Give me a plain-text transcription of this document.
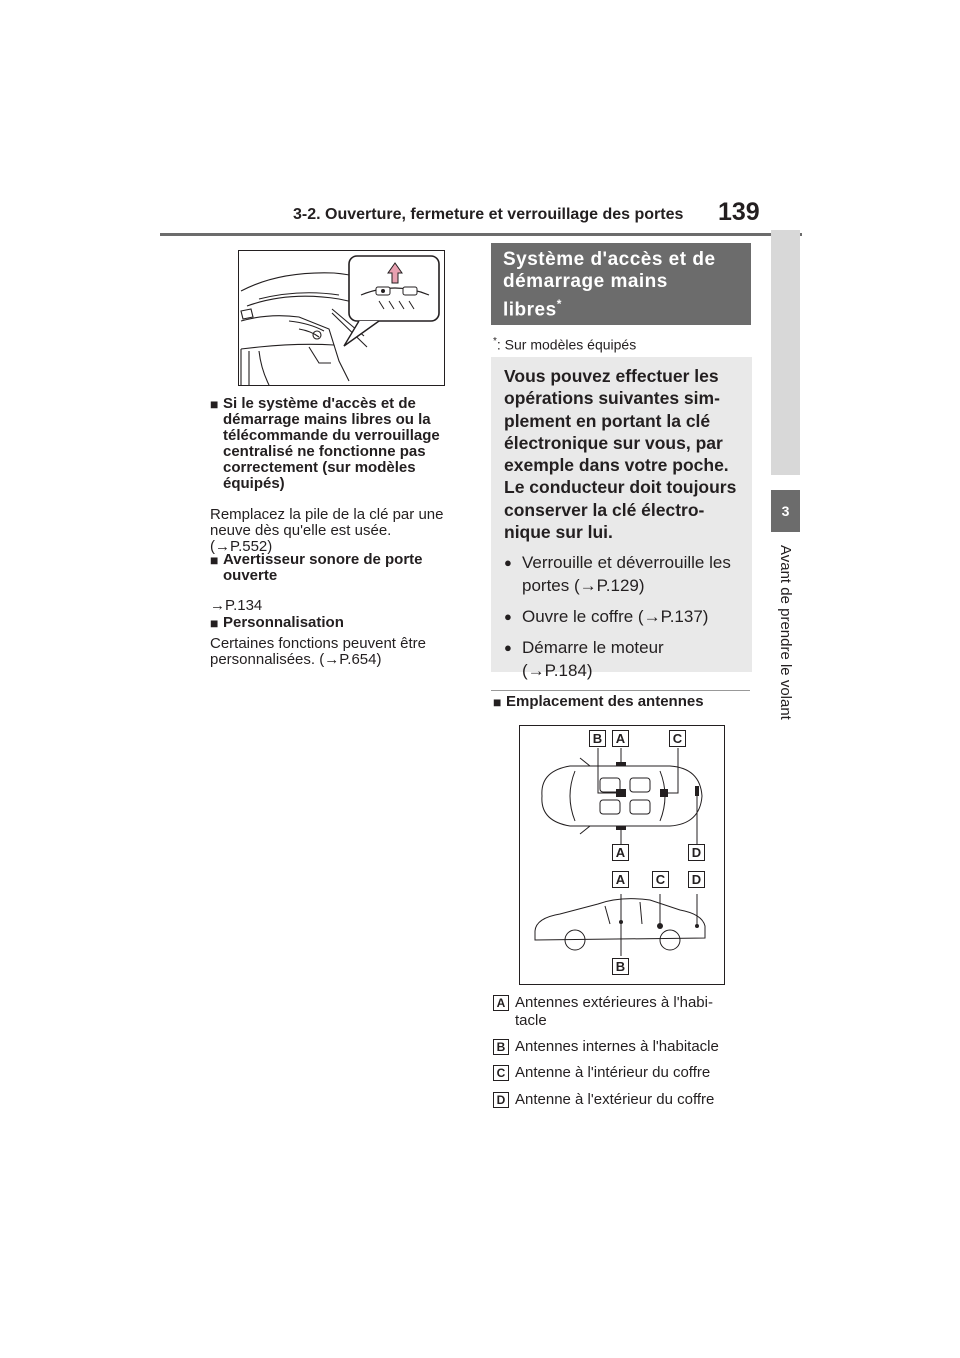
3-2. Ouverture, fermeture et verrouillage des portes 139
3
Avant de prendre le volant
■ Si le système d'accès et de démarrage mains libres ou la télécommande du verrouillage centralisé ne fonctionne pas correctement (sur modèles équipés)
Remplacez la pile de la clé par une
neuve dès qu'elle est usée.
(→P.552)
■ Avertisseur sonore de porte ouverte
→P.134
■ Personnalisation
Certaines fonctions peuvent être
personnalisées. (→P.654)
Système d'accès et de
démarrage mains
libres*
*: Sur modèles équipés
Vous pouvez effectuer les
opérations suivantes sim-
plement en portant la clé
électronique sur vous, par
exemple dans votre poche.
Le conducteur doit toujours
conserver la clé électro-
nique sur lui.
● Verrouille et déverrouille les
portes (→P.129)
● Ouvre le coffre (→P.137)
● Démarre le moteur
(→P.184)
■ Emplacement des antennes
B A	C
A	D
A C D
B
A Antennes extérieures à l'habi-
tacle
B Antennes internes à l'habitacle
C Antenne à l'intérieur du coffre
D Antenne à l'extérieur du coffre
